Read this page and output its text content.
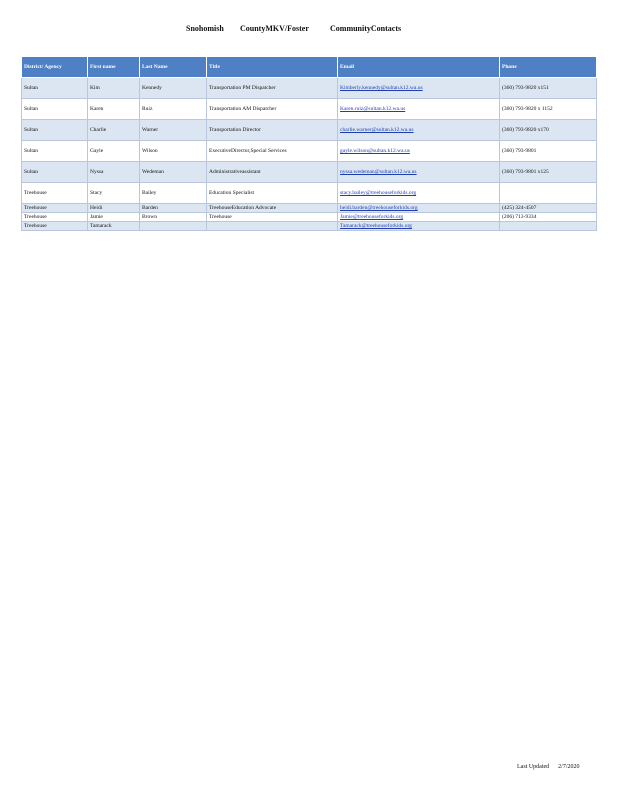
Snohomish CountyMKV/Foster	CommunityContacts
District/ Agency	First name	Last Name	Title	Email	Phone
Sultan	Kim	Kennedy	Transportation PM Dispatcher	Kimberly.kennedy@sultan.k12.wa.us	(360) 793-9820 x151
Sultan	Karen	Ruiz	Transportation AM Dispatcher	Karen.ruiz@sultan.k12.wa.us	(360) 793-9820 x 1152
Sultan	Charlie	Warner	Transportation Director	charlie.warner@sultan.k12.wa.us	(360) 793-9820 x170
Sultan	Gayle	Wilson	ExecutiveDirector,Special Services	gayle.wilson@sultan.k12.wa.us	(360) 793-9801
Sultan	Nyssa	Wedeman	Administrativeassistant	nyssa.wedeman@sultan.k12.wa.us	(360) 793-9801 x125
Treehouse	Stacy	Bailey	Education Specialist	stacy.bailey@treehouseforkids.org	
Treehouse	Heidi	Barden	TreehouseEducation Advocate	heidi.barden@treehouseforkids.org	(425) 324-4507
Treehouse	Jamie	Brown	Treehouse	Jamie@treehouseforkids.org	(206) 713-9334
Treehouse	Tamarack			Tamarack@treehouseforkids.org	
Last Updated 2/7/2020
